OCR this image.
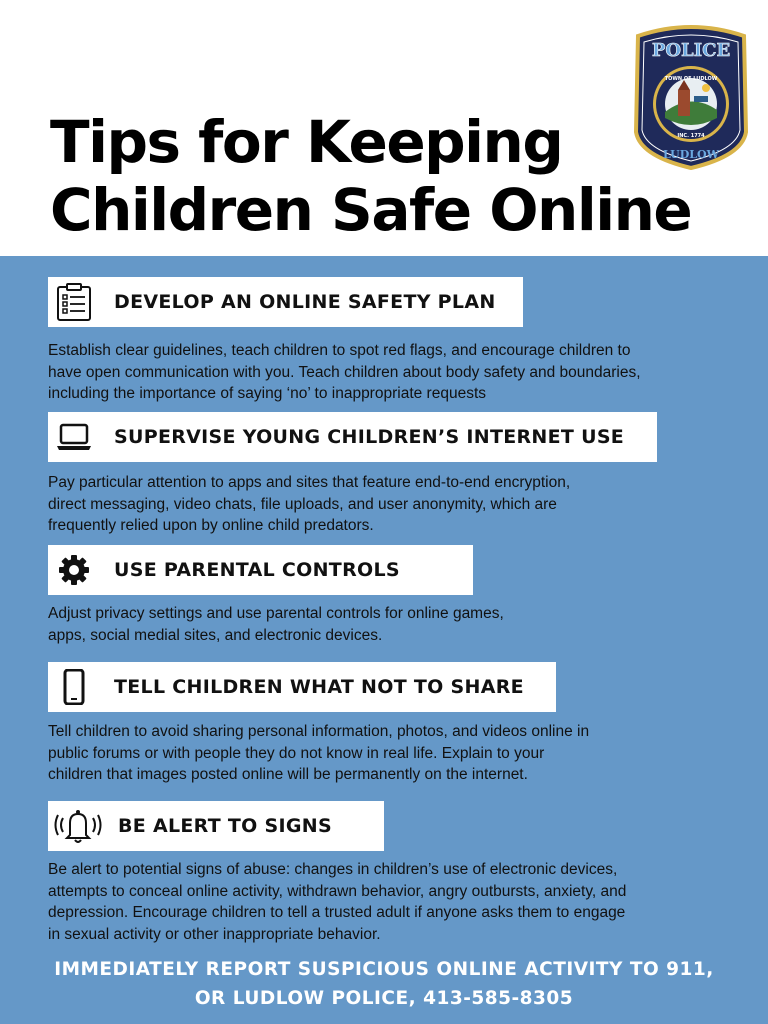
Tips for Keeping
Children Safe Online
POLICE
TOWN OF LUDLOW
INC. 1774
LUDLOW
DEVELOP AN ONLINE SAFETY PLAN

Establish clear guidelines, teach children to spot red flags, and encourage children to
have open communication with you. Teach children about body safety and boundaries,
including the importance of saying ‘no’ to inappropriate requests

SUPERVISE YOUNG CHILDREN’S INTERNET USE

Pay particular attention to apps and sites that feature end-to-end encryption,
direct messaging, video chats, file uploads, and user anonymity, which are
frequently relied upon by online child predators.

USE PARENTAL CONTROLS

Adjust privacy settings and use parental controls for online games,
apps, social medial sites, and electronic devices.

TELL CHILDREN WHAT NOT TO SHARE

Tell children to avoid sharing personal information, photos, and videos online in
public forums or with people they do not know in real life. Explain to your
children that images posted online will be permanently on the internet.

BE ALERT TO SIGNS

Be alert to potential signs of abuse: changes in children’s use of electronic devices,
attempts to conceal online activity, withdrawn behavior, angry outbursts, anxiety, and
depression. Encourage children to tell a trusted adult if anyone asks them to engage
in sexual activity or other inappropriate behavior.

IMMEDIATELY REPORT SUSPICIOUS ONLINE ACTIVITY TO 911,
OR LUDLOW POLICE, 413-585-8305
